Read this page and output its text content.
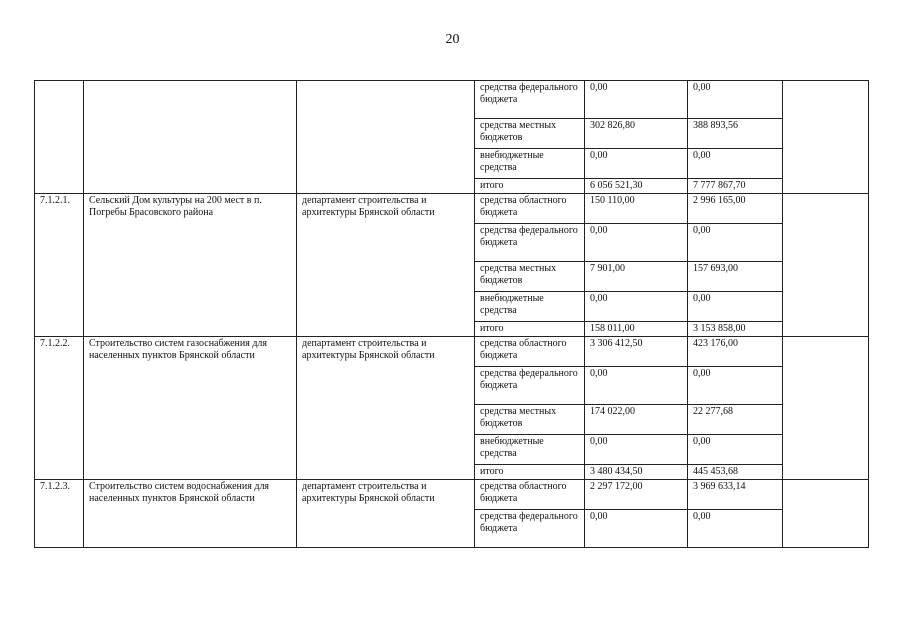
20
			средства федерального бюджета	0,00	0,00	
			средства местных бюджетов	302 826,80	388 893,56	
			внебюджетные средства	0,00	0,00	
			итого	6 056 521,30	7 777 867,70	
7.1.2.1.	Сельский Дом культуры на 200 мест в п. Погребы Брасовского района	департамент строительства и архитектуры Брянской области	средства областного бюджета	150 110,00	2 996 165,00	
			средства федерального бюджета	0,00	0,00	
			средства местных бюджетов	7 901,00	157 693,00	
			внебюджетные средства	0,00	0,00	
			итого	158 011,00	3 153 858,00	
7.1.2.2.	Строительство систем газоснабжения для населенных пунктов Брянской области	департамент строительства и архитектуры Брянской области	средства областного бюджета	3 306 412,50	423 176,00	
			средства федерального бюджета	0,00	0,00	
			средства местных бюджетов	174 022,00	22 277,68	
			внебюджетные средства	0,00	0,00	
			итого	3 480 434,50	445 453,68	
7.1.2.3.	Строительство систем водоснабжения для населенных пунктов Брянской области	департамент строительства и архитектуры Брянской области	средства областного бюджета	2 297 172,00	3 969 633,14	
			средства федерального бюджета	0,00	0,00	
